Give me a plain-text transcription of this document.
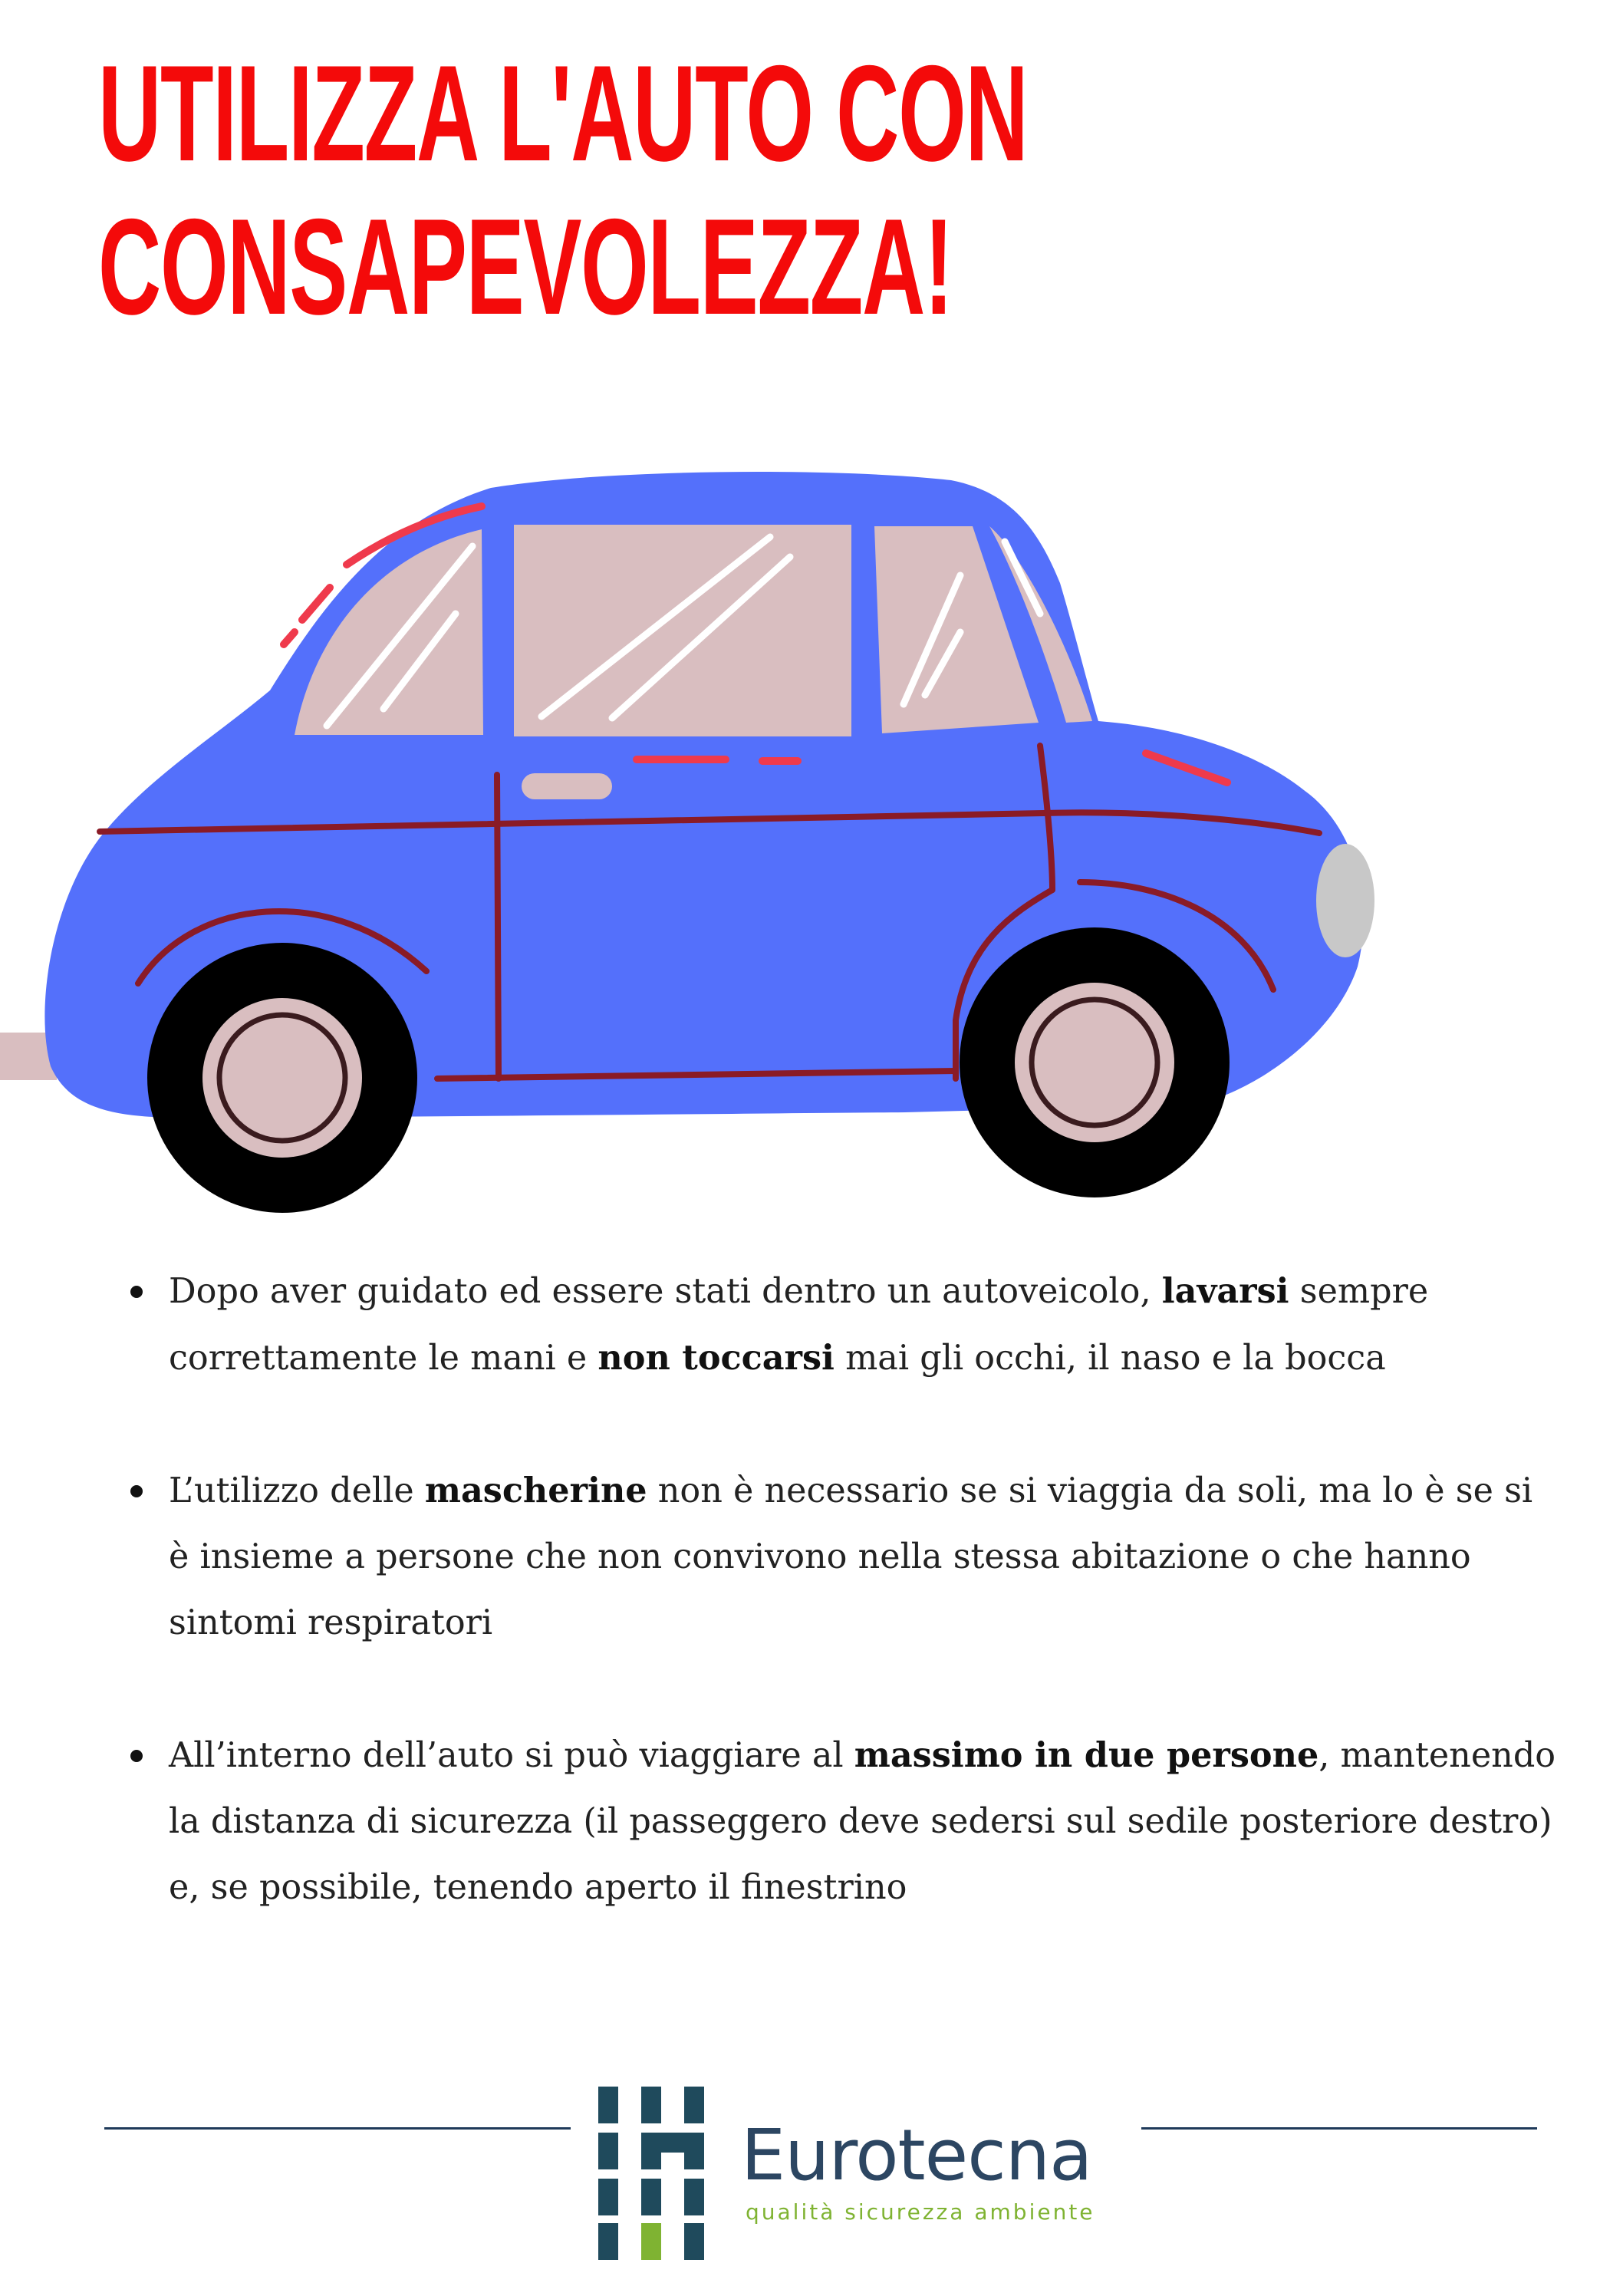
UTILIZZA L'AUTO CON
CONSAPEVOLEZZA!
Dopo aver guidato ed essere stati dentro un autoveicolo, lavarsi sempre correttamente le mani e non toccarsi mai gli occhi, il naso e la bocca
L’utilizzo delle mascherine non è necessario se si viaggia da soli, ma lo è se si è insieme a persone che non convivono nella stessa abitazione o che hanno sintomi respiratori
All’interno dell’auto si può viaggiare al massimo in due persone, mantenendo la distanza di sicurezza (il passeggero deve sedersi sul sedile posteriore destro) e, se possibile, tenendo aperto il finestrino
Eurotecna
qualità sicurezza ambiente
